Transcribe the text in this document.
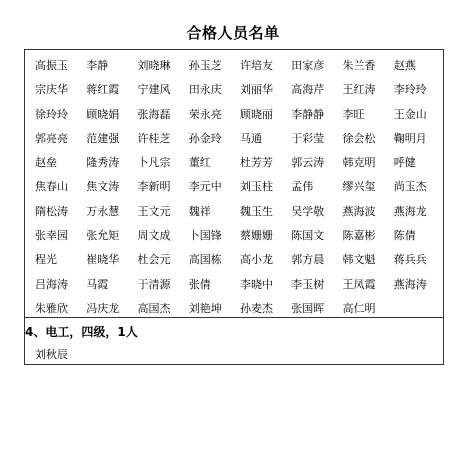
合格人员名单
高振玉	李静	刘晓琳	孙玉芝	许培友	田家彦	朱兰香	赵燕
宗庆华	蒋红霞	宁建风	田永庆	刘丽华	高海芹	王红涛	李玲玲
徐玲玲	顾晓娟	张海磊	荣永亮	顾晓丽	李静静	李旺	王金山
郭亮亮	范建强	许桂芝	孙金玲	马通	于彩莹	徐会松	鞠明月
赵垒	隆秀涛	卜凡宗	董红	杜芳芳	郭云涛	韩克明	呼健
焦春山	焦文涛	李新明	李元中	刘玉柱	孟伟	缪兴玺	尚玉杰
隋松涛	万永慧	王文元	魏祥	魏玉生	吴学敬	燕海波	燕海龙
张幸园	张允矩	周文成	卜国锋	蔡姗姗	陈国文	陈嘉彬	陈倩
程光	崔晓华	杜会元	高国栋	高小龙	郭方晨	韩文魁	蒋兵兵
吕海涛	马霞	于清源	张倩	李晓中	李玉树	王凤霞	燕海涛
朱雅欣	冯庆龙	高国杰	刘艳坤	孙麦杰	张国晖	高仁明
4、电工，四级，1人
刘秋辰
